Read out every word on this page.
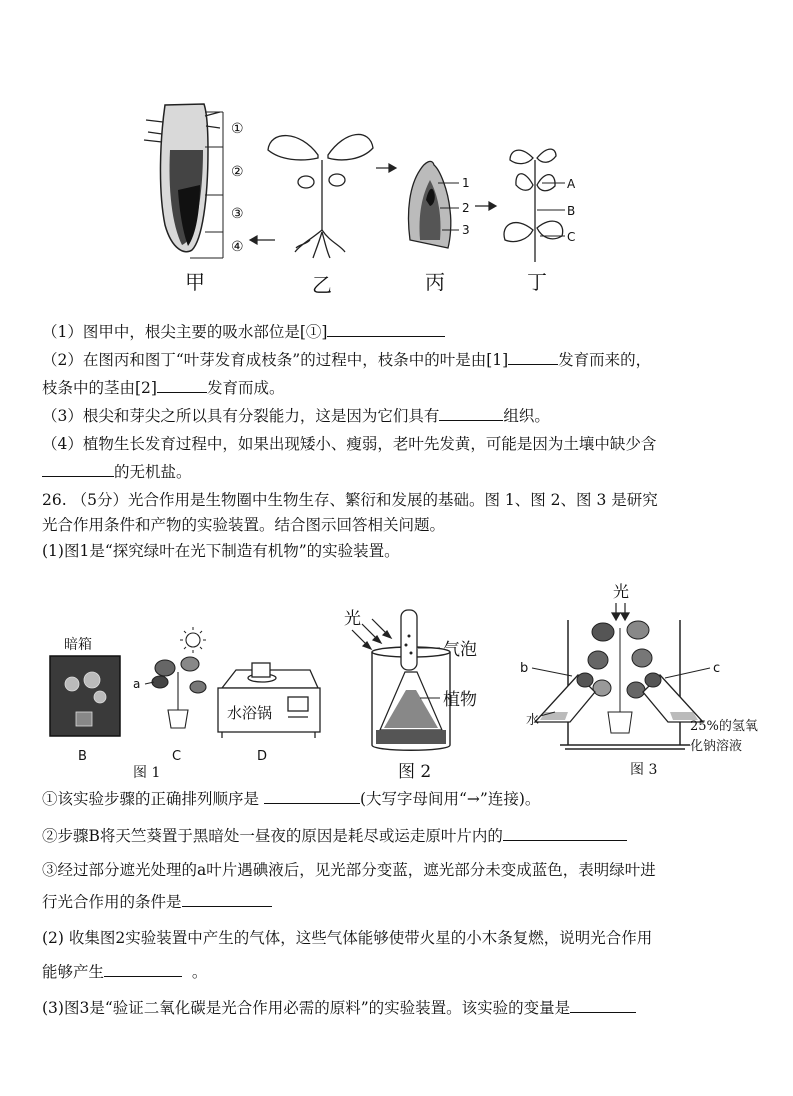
①
②
③
④
甲	乙
1
2
3
丙
A
B
C
丁
暗箱
B
a
C
水浴锅
D
图 1
光
气泡
植物
图 2
光
b	c
水	25%的氢氧
化钠溶液
图 3
（1）图甲中，根尖主要的吸水部位是[①]
（2）在图丙和图丁“叶芽发育成枝条”的过程中，枝条中的叶是由[1]	发育而来的，
枝条中的茎由[2]	发育而成。
（3）根尖和芽尖之所以具有分裂能力，这是因为它们具有	组织。
（4）植物生长发育过程中，如果出现矮小、瘦弱，老叶先发黄，可能是因为土壤中缺少含
的无机盐。
26. （5分）光合作用是生物圈中生物生存、繁衍和发展的基础。图 1、图 2、图 3 是研究
光合作用条件和产物的实验装置。结合图示回答相关问题。
(1)图1是“探究绿叶在光下制造有机物”的实验装置。
①该实验步骤的正确排列顺序是	(大写字母间用“→”连接)。
②步骤B将天竺葵置于黑暗处一昼夜的原因是耗尽或运走原叶片内的
③经过部分遮光处理的a叶片遇碘液后，见光部分变蓝，遮光部分未变成蓝色，表明绿叶进
行光合作用的条件是
(2) 收集图2实验装置中产生的气体，这些气体能够使带火星的小木条复燃，说明光合作用
能够产生	。
(3)图3是“验证二氧化碳是光合作用必需的原料”的实验装置。该实验的变量是
